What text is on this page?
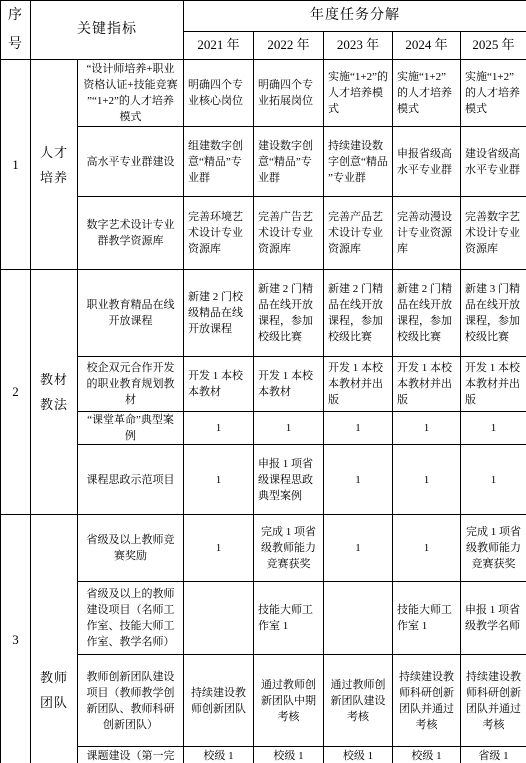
序号	关键指标		年度任务分解				
			2021 年	2022 年	2023 年	2024 年	2025 年
1	人才培养	“设计师培养+职业资格认证+技能竞赛”“1+2”的人才培养模式	明确四个专业核心岗位	明确四个专业拓展岗位	实施“1+2”的人才培养模式	实施“1+2”的人才培养模式	实施“1+2”的人才培养模式
		高水平专业群建设	组建数字创意“精品”专业群	建设数字创意“精品”专业群	持续建设数字创意“精品”专业群	申报省级高水平专业群	建设省级高水平专业群
		数字艺术设计专业群教学资源库	完善环境艺术设计专业资源库	完善广告艺术设计专业资源库	完善产品艺术设计专业资源库	完善动漫设计专业资源库	完善数字艺术设计专业资源库
2	教材教法	职业教育精品在线开放课程	新建 2 门校级精品在线开放课程	新建 2 门精品在线开放课程，参加校级比赛	新建 2 门精品在线开放课程，参加校级比赛	新建 2 门精品在线开放课程，参加校级比赛	新建 3 门精品在线开放课程，参加校级比赛
		校企双元合作开发的职业教育规划教材	开发 1 本校本教材	开发 1 本校本教材	开发 1 本校本教材并出版	开发 1 本校本教材并出版	开发 1 本校本教材并出版
		“课堂革命”典型案例	1	1	1	1	1
		课程思政示范项目	1	申报 1 项省级课程思政典型案例	1	1	1
3	教师团队	省级及以上教师竞赛奖励	1	完成 1 项省级教师能力竞赛获奖	1	1	完成 1 项省级教师能力竞赛获奖
		省级及以上的教师建设项目（名师工作室、技能大师工作室、教学名师）		技能大师工作室 1		技能大师工作室 1	申报 1 项省级教学名师
		教师创新团队建设项目（教师教学创新团队、教师科研创新团队）	持续建设教师创新团队	通过教师创新团队中期考核	通过教师创新团队建设考核	持续建设教师科研创新团队并通过考核	持续建设教师科研创新团队并通过考核
		课题建设（第一完	校级 1	校级 1	校级 1	校级 1	省级 1
